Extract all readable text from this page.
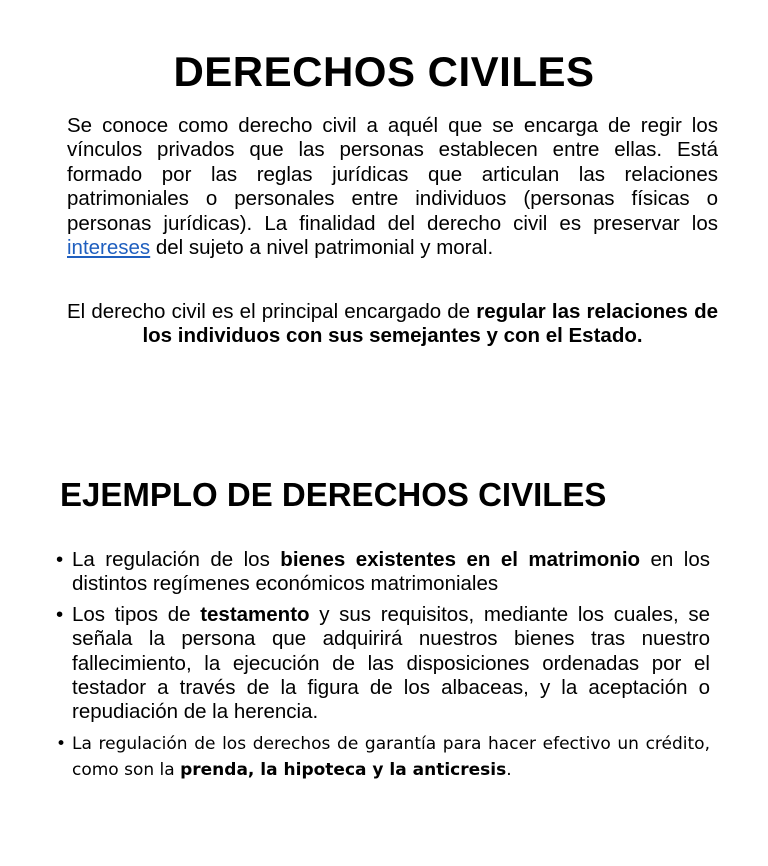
DERECHOS CIVILES

Se conoce como derecho civil a aquél que se encarga de regir los vínculos privados que las personas establecen entre ellas. Está formado por las reglas jurídicas que articulan las relaciones patrimoniales o personales entre individuos (personas físicas o personas jurídicas). La finalidad del derecho civil es preservar los intereses del sujeto a nivel patrimonial y moral.

El derecho civil es el principal encargado de regular las relaciones de los individuos con sus semejantes y con el Estado.

EJEMPLO DE DERECHOS CIVILES
• La regulación de los bienes existentes en el matrimonio en los distintos regímenes económicos matrimoniales
• Los tipos de testamento y sus requisitos, mediante los cuales, se señala la persona que adquirirá nuestros bienes tras nuestro fallecimiento, la ejecución de las disposiciones ordenadas por el testador a través de la figura de los albaceas, y la aceptación o repudiación de la herencia.
• La regulación de los derechos de garantía para hacer efectivo un crédito, como son la prenda, la hipoteca y la anticresis.
